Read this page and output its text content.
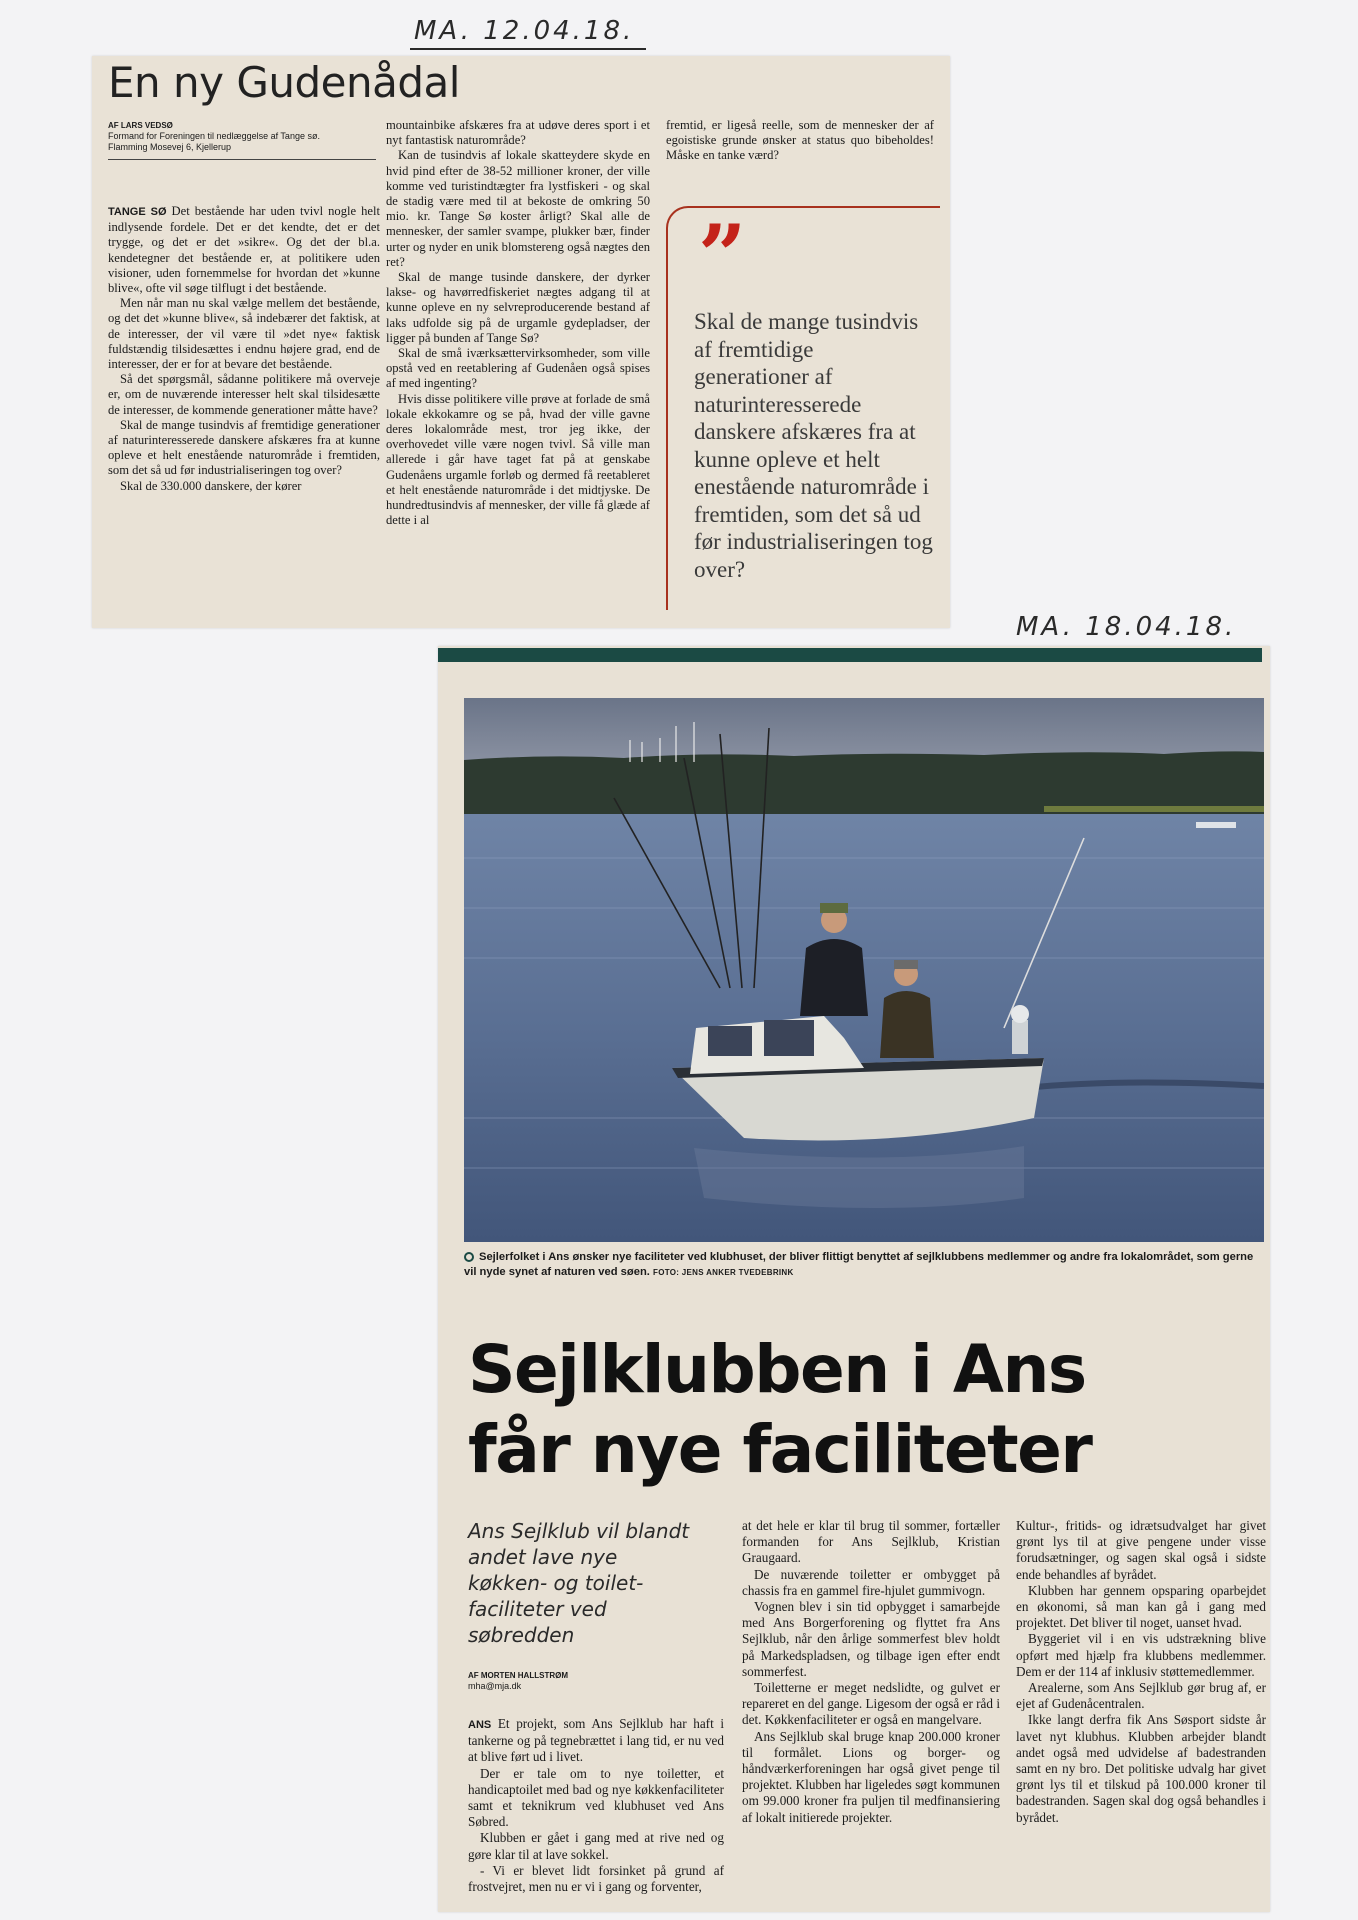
MA. 12.04.18.
MA. 18.04.18.
En ny Gudenådal
AF LARS VEDSØ
Formand for Foreningen til nedlæggelse af Tange sø.
Flamming Mosevej 6, Kjellerup

TANGE SØ Det bestående har uden tvivl nogle helt indlysende fordele. Det er det kendte, det er det trygge, og det er det »sikre«. Og det der bl.a. kendetegner det bestående er, at politikere uden visioner, uden fornemmelse for hvordan det »kunne blive«, ofte vil søge tilflugt i det bestående.

Men når man nu skal vælge mellem det bestående, og det det »kunne blive«, så indebærer det faktisk, at de interesser, der vil være til »det nye« faktisk fuldstændig tilsidesættes i endnu højere grad, end de interesser, der er for at bevare det bestående.

Så det spørgsmål, sådanne politikere må overveje er, om de nuværende interesser helt skal tilsidesætte de interesser, de kommende generationer måtte have?

Skal de mange tusindvis af fremtidige generationer af naturinteresserede danskere afskæres fra at kunne opleve et helt enestående naturområde i fremtiden, som det så ud før industrialiseringen tog over?

Skal de 330.000 danskere, der kører

mountainbike afskæres fra at udøve deres sport i et nyt fantastisk naturområde?

Kan de tusindvis af lokale skatteydere skyde en hvid pind efter de 38-52 millioner kroner, der ville komme ved turistindtægter fra lystfiskeri - og skal de stadig være med til at bekoste de omkring 50 mio. kr. Tange Sø koster årligt? Skal alle de mennesker, der samler svampe, plukker bær, finder urter og nyder en unik blomstereng også nægtes den ret?

Skal de mange tusinde danskere, der dyrker lakse- og havørredfiskeriet nægtes adgang til at kunne opleve en ny selvreproducerende bestand af laks udfolde sig på de urgamle gydepladser, der ligger på bunden af Tange Sø?

Skal de små iværksættervirksomheder, som ville opstå ved en reetablering af Gudenåen også spises af med ingenting?

Hvis disse politikere ville prøve at forlade de små lokale ekkokamre og se på, hvad der ville gavne deres lokalområde mest, tror jeg ikke, der overhovedet ville være nogen tvivl. Så ville man allerede i går have taget fat på at genskabe Gudenåens urgamle forløb og dermed få reetableret et helt enestående naturområde i det midtjyske. De hundredtusindvis af mennesker, der ville få glæde af dette i al

fremtid, er ligeså reelle, som de mennesker der af egoistiske grunde ønsker at status quo bibeholdes! Måske en tanke værd?

”
Skal de mange tusindvis af fremtidige generationer af naturinteresserede danskere afskæres fra at kunne opleve et helt enestående naturområde i fremtiden, som det så ud før industrialiseringen tog over?
Sejlerfolket i Ans ønsker nye faciliteter ved klubhuset, der bliver flittigt benyttet af sejlklubbens medlemmer og andre fra lokalområdet, som gerne vil nyde synet af naturen ved søen. FOTO: JENS ANKER TVEDEBRINK
Sejlklubben i Ans
får nye faciliteter
Ans Sejlklub vil blandt andet lave nye køkken- og toilet-faciliteter ved søbredden
AF MORTEN HALLSTRØM
mha@mja.dk

ANS Et projekt, som Ans Sejlklub har haft i tankerne og på tegnebrættet i lang tid, er nu ved at blive ført ud i livet.

Der er tale om to nye toiletter, et handicaptoilet med bad og nye køkkenfaciliteter samt et teknikrum ved klubhuset ved Ans Søbred.

Klubben er gået i gang med at rive ned og gøre klar til at lave sokkel.

- Vi er blevet lidt forsinket på grund af frostvejret, men nu er vi i gang og forventer,

at det hele er klar til brug til sommer, fortæller formanden for Ans Sejlklub, Kristian Graugaard.

De nuværende toiletter er ombygget på chassis fra en gammel fire-hjulet gummivogn.

Vognen blev i sin tid opbygget i samarbejde med Ans Borgerforening og flyttet fra Ans Sejlklub, når den årlige sommerfest blev holdt på Markedspladsen, og tilbage igen efter endt sommerfest.

Toiletterne er meget nedslidte, og gulvet er repareret en del gange. Ligesom der også er råd i det. Køkkenfaciliteter er også en mangelvare.

Ans Sejlklub skal bruge knap 200.000 kroner til formålet. Lions og borger- og håndværkerforeningen har også givet penge til projektet. Klubben har ligeledes søgt kommunen om 99.000 kroner fra puljen til medfinansiering af lokalt initierede projekter.

Kultur-, fritids- og idrætsudvalget har givet grønt lys til at give pengene under visse forudsætninger, og sagen skal også i sidste ende behandles af byrådet.

Klubben har gennem opsparing oparbejdet en økonomi, så man kan gå i gang med projektet. Det bliver til noget, uanset hvad.

Byggeriet vil i en vis udstrækning blive opført med hjælp fra klubbens medlemmer. Dem er der 114 af inklusiv støttemedlemmer.

Arealerne, som Ans Sejlklub gør brug af, er ejet af Gudenåcentralen.

Ikke langt derfra fik Ans Søsport sidste år lavet nyt klubhus. Klubben arbejder blandt andet også med udvidelse af badestranden samt en ny bro. Det politiske udvalg har givet grønt lys til et tilskud på 100.000 kroner til badestranden. Sagen skal dog også behandles i byrådet.
